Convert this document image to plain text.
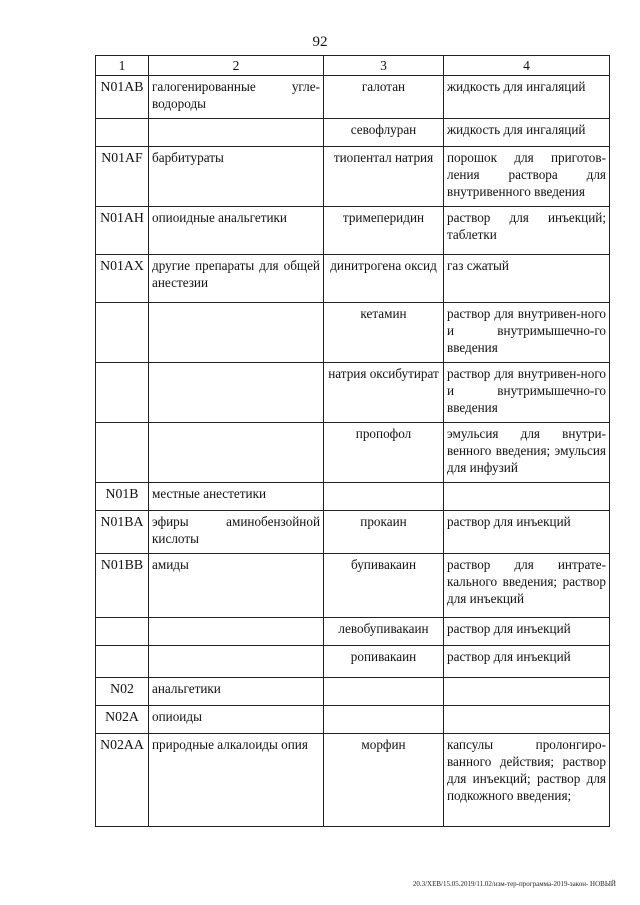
92
1	2	3	4
N01AB	галогенированные угле-водороды	галотан	жидкость для ингаляций
		севофлуран	жидкость для ингаляций
N01AF	барбитураты	тиопентал натрия	порошок для приготов-ления раствора для внутривенного введения
N01AH	опиоидные анальгетики	тримеперидин	раствор для инъекций; таблетки
N01AX	другие препараты для общей анестезии	динитрогена оксид	газ сжатый
		кетамин	раствор для внутривен-ного и внутримышечно-го введения
		натрия оксибутират	раствор для внутривен-ного и внутримышечно-го введения
		пропофол	эмульсия для внутри-венного введения; эмульсия для инфузий
N01B	местные анестетики		
N01BA	эфиры аминобензойной кислоты	прокаин	раствор для инъекций
N01BB	амиды	бупивакаин	раствор для интрате-кального введения; раствор для инъекций
		левобупивакаин	раствор для инъекций
		ропивакаин	раствор для инъекций
N02	анальгетики		
N02A	опиоиды		
N02AA	природные алкалоиды опия	морфин	капсулы пролонгиро-ванного действия; раствор для инъекций; раствор для подкожного введения;
20.3/ХЕВ/15.05.2019/11.02/изм-тер-программа-2019-закон- НОВЫЙ
